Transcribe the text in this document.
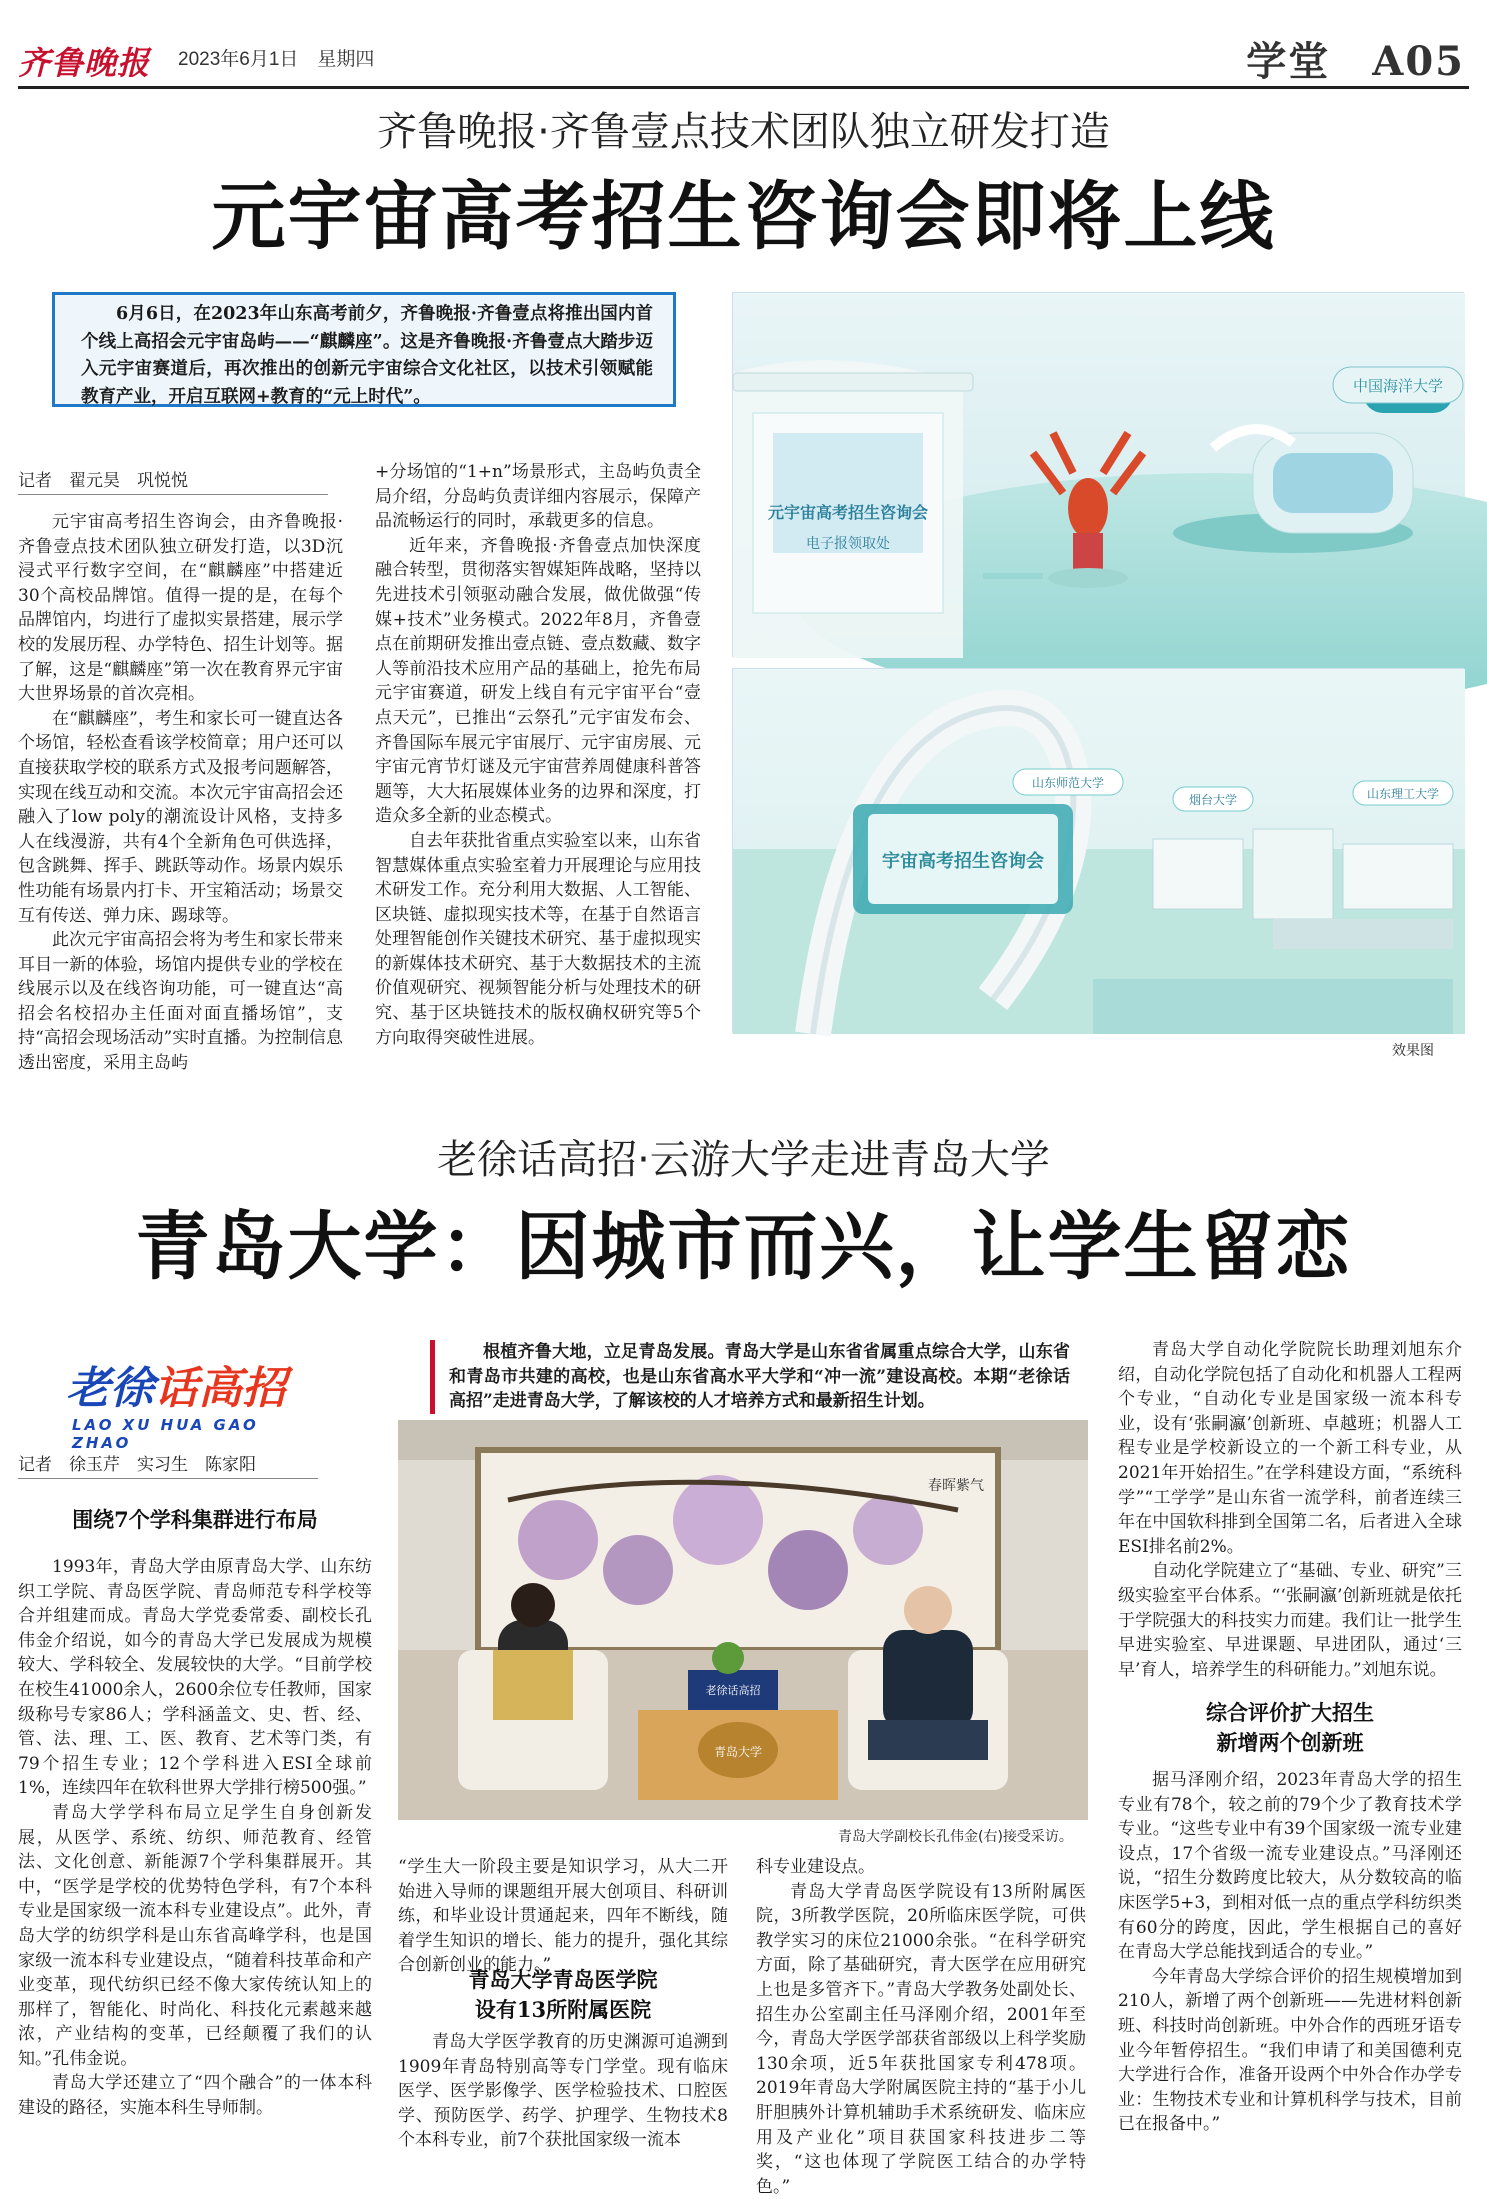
齐鲁晚报 2023年6月1日　星期四	学堂　A05
齐鲁晚报·齐鲁壹点技术团队独立研发打造
元宇宙高考招生咨询会即将上线
6月6日，在2023年山东高考前夕，齐鲁晚报·齐鲁壹点将推出国内首个线上高招会元宇宙岛屿——“麒麟座”。这是齐鲁晚报·齐鲁壹点大踏步迈入元宇宙赛道后，再次推出的创新元宇宙综合文化社区，以技术引领赋能教育产业，开启互联网+教育的“元上时代”。
记者　翟元昊　巩悦悦

元宇宙高考招生咨询会，由齐鲁晚报·齐鲁壹点技术团队独立研发打造，以3D沉浸式平行数字空间，在“麒麟座”中搭建近30个高校品牌馆。值得一提的是，在每个品牌馆内，均进行了虚拟实景搭建，展示学校的发展历程、办学特色、招生计划等。据了解，这是“麒麟座”第一次在教育界元宇宙大世界场景的首次亮相。

在“麒麟座”，考生和家长可一键直达各个场馆，轻松查看该学校简章；用户还可以直接获取学校的联系方式及报考问题解答，实现在线互动和交流。本次元宇宙高招会还融入了low poly的潮流设计风格，支持多人在线漫游，共有4个全新角色可供选择，包含跳舞、挥手、跳跃等动作。场景内娱乐性功能有场景内打卡、开宝箱活动；场景交互有传送、弹力床、踢球等。

此次元宇宙高招会将为考生和家长带来耳目一新的体验，场馆内提供专业的学校在线展示以及在线咨询功能，可一键直达“高招会名校招办主任面对面直播场馆”，支持“高招会现场活动”实时直播。为控制信息透出密度，采用主岛屿

+分场馆的“1+n”场景形式，主岛屿负责全局介绍，分岛屿负责详细内容展示，保障产品流畅运行的同时，承载更多的信息。

近年来，齐鲁晚报·齐鲁壹点加快深度融合转型，贯彻落实智媒矩阵战略，坚持以先进技术引领驱动融合发展，做优做强“传媒+技术”业务模式。2022年8月，齐鲁壹点在前期研发推出壹点链、壹点数藏、数字人等前沿技术应用产品的基础上，抢先布局元宇宙赛道，研发上线自有元宇宙平台“壹点天元”，已推出“云祭孔”元宇宙发布会、齐鲁国际车展元宇宙展厅、元宇宙房展、元宇宙元宵节灯谜及元宇宙营养周健康科普答题等，大大拓展媒体业务的边界和深度，打造众多全新的业态模式。

自去年获批省重点实验室以来，山东省智慧媒体重点实验室着力开展理论与应用技术研发工作。充分利用大数据、人工智能、区块链、虚拟现实技术等，在基于自然语言处理智能创作关键技术研究、基于虚拟现实的新媒体技术研究、基于大数据技术的主流价值观研究、视频智能分析与处理技术的研究、基于区块链技术的版权确权研究等5个方向取得突破性进展。

中国海洋大学
元宇宙高考招生咨询会
电子报领取处
宇宙高考招生咨询会
山东师范大学
烟台大学	山东理工大学
效果图
老徐话高招·云游大学走进青岛大学
青岛大学：因城市而兴，让学生留恋
老徐话高招
LAO XU HUA GAO ZHAO
根植齐鲁大地，立足青岛发展。青岛大学是山东省省属重点综合大学，山东省和青岛市共建的高校，也是山东省高水平大学和“冲一流”建设高校。本期“老徐话高招”走进青岛大学，了解该校的人才培养方式和最新招生计划。
记者　徐玉芹　实习生　陈家阳
围绕7个学科集群进行布局

1993年，青岛大学由原青岛大学、山东纺织工学院、青岛医学院、青岛师范专科学校等合并组建而成。青岛大学党委常委、副校长孔伟金介绍说，如今的青岛大学已发展成为规模较大、学科较全、发展较快的大学。“目前学校在校生41000余人，2600余位专任教师，国家级称号专家86人；学科涵盖文、史、哲、经、管、法、理、工、医、教育、艺术等门类，有79个招生专业；12个学科进入ESI全球前1%，连续四年在软科世界大学排行榜500强。”

青岛大学学科布局立足学生自身创新发展，从医学、系统、纺织、师范教育、经管法、文化创意、新能源7个学科集群展开。其中，“医学是学校的优势特色学科，有7个本科专业是国家级一流本科专业建设点”。此外，青岛大学的纺织学科是山东省高峰学科，也是国家级一流本科专业建设点，“随着科技革命和产业变革，现代纺织已经不像大家传统认知上的那样了，智能化、时尚化、科技化元素越来越浓，产业结构的变革，已经颠覆了我们的认知。”孔伟金说。

青岛大学还建立了“四个融合”的一体本科建设的路径，实施本科生导师制。

春晖紫气
青岛大学
老徐话高招
青岛大学副校长孔伟金(右)接受采访。

“学生大一阶段主要是知识学习，从大二开始进入导师的课题组开展大创项目、科研训练，和毕业设计贯通起来，四年不断线，随着学生知识的增长、能力的提升，强化其综合创新创业的能力。”

青岛大学青岛医学院
设有13所附属医院

青岛大学医学教育的历史渊源可追溯到1909年青岛特别高等专门学堂。现有临床医学、医学影像学、医学检验技术、口腔医学、预防医学、药学、护理学、生物技术8个本科专业，前7个获批国家级一流本

科专业建设点。

青岛大学青岛医学院设有13所附属医院，3所教学医院，20所临床医学院，可供教学实习的床位21000余张。“在科学研究方面，除了基础研究，青大医学在应用研究上也是多管齐下。”青岛大学教务处副处长、招生办公室副主任马泽刚介绍，2001年至今，青岛大学医学部获省部级以上科学奖励130余项，近5年获批国家专利478项。2019年青岛大学附属医院主持的“基于小儿肝胆胰外计算机辅助手术系统研发、临床应用及产业化”项目获国家科技进步二等奖，“这也体现了学院医工结合的办学特色。”

青岛大学自动化学院院长助理刘旭东介绍，自动化学院包括了自动化和机器人工程两个专业，“自动化专业是国家级一流本科专业，设有‘张嗣瀛’创新班、卓越班；机器人工程专业是学校新设立的一个新工科专业，从2021年开始招生。”在学科建设方面，“系统科学”“工学学”是山东省一流学科，前者连续三年在中国软科排到全国第二名，后者进入全球ESI排名前2%。

自动化学院建立了“基础、专业、研究”三级实验室平台体系。“‘张嗣瀛’创新班就是依托于学院强大的科技实力而建。我们让一批学生早进实验室、早进课题、早进团队，通过‘三早’育人，培养学生的科研能力。”刘旭东说。

综合评价扩大招生
新增两个创新班

据马泽刚介绍，2023年青岛大学的招生专业有78个，较之前的79个少了教育技术学专业。“这些专业中有39个国家级一流专业建设点，17个省级一流专业建设点。”马泽刚还说，“招生分数跨度比较大，从分数较高的临床医学5+3，到相对低一点的重点学科纺织类有60分的跨度，因此，学生根据自己的喜好在青岛大学总能找到适合的专业。”

今年青岛大学综合评价的招生规模增加到210人，新增了两个创新班——先进材料创新班、科技时尚创新班。中外合作的西班牙语专业今年暂停招生。“我们申请了和美国德利克大学进行合作，准备开设两个中外合作办学专业：生物技术专业和计算机科学与技术，目前已在报备中。”
